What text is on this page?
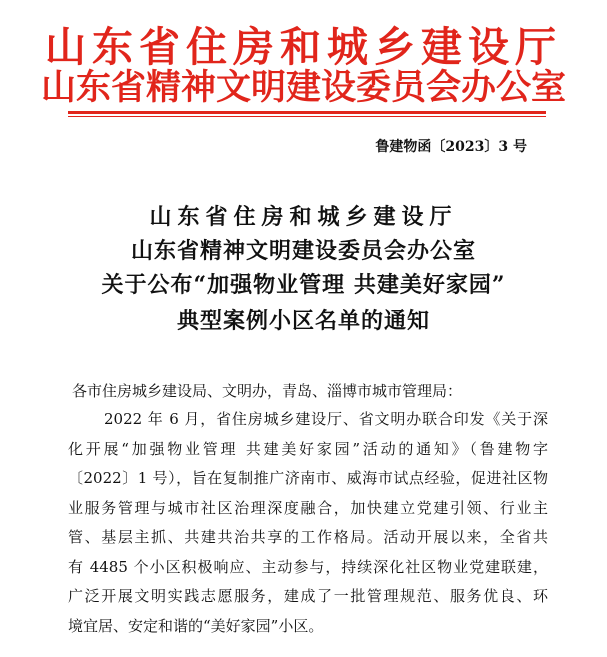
山东省住房和城乡建设厅
山东省精神文明建设委员会办公室
鲁建物函〔2023〕3 号
山东省住房和城乡建设厅
山东省精神文明建设委员会办公室
关于公布“加强物业管理 共建美好家园”
典型案例小区名单的通知
各市住房城乡建设局、文明办，青岛、淄博市城市管理局：
2022 年 6 月，省住房城乡建设厅、省文明办联合印发《关于深
化开展“加强物业管理 共建美好家园”活动的通知》（鲁建物字
〔2022〕1 号），旨在复制推广济南市、威海市试点经验，促进社区物
业服务管理与城市社区治理深度融合，加快建立党建引领、行业主
管、基层主抓、共建共治共享的工作格局。活动开展以来，全省共
有 4485 个小区积极响应、主动参与，持续深化社区物业党建联建，
广泛开展文明实践志愿服务，建成了一批管理规范、服务优良、环
境宜居、安定和谐的“美好家园”小区。
